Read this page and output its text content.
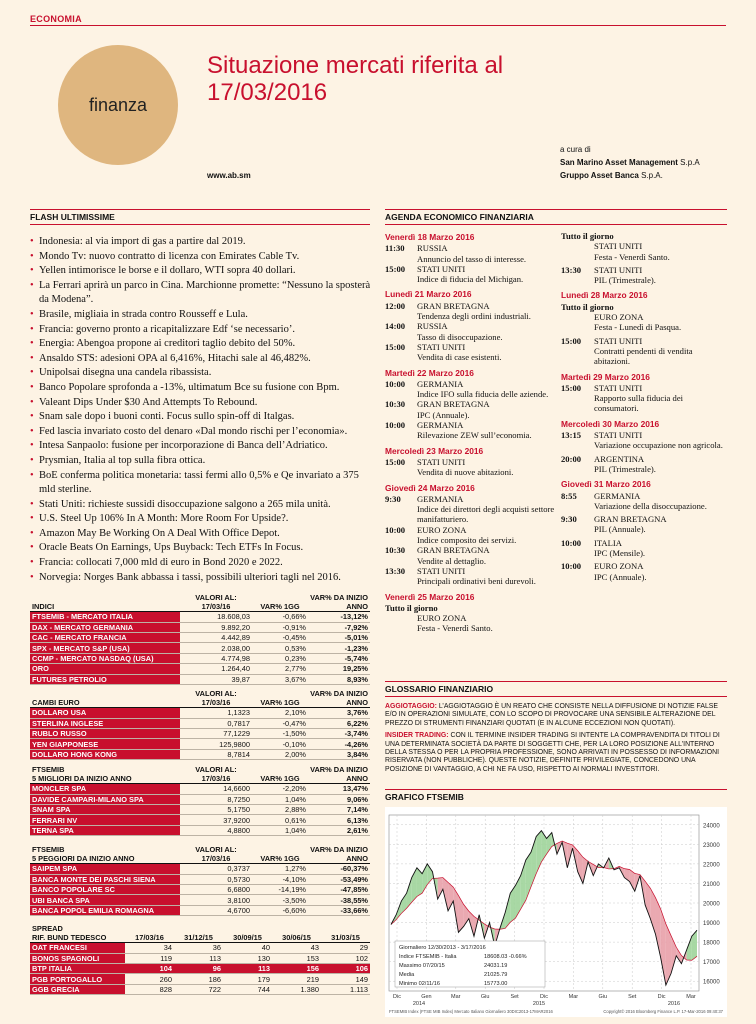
ECONOMIA
finanza
Situazione mercati riferita al 17/03/2016
www.ab.sm
a cura di
San Marino Asset Management S.p.A
Gruppo Asset Banca S.p.A.
FLASH ULTIMISSIME
• Indonesia: al via import di gas a partire dal 2019.
• Mondo Tv: nuovo contratto di licenza con Emirates Cable Tv.
• Yellen intimorisce le borse e il dollaro, WTI sopra 40 dollari.
• La Ferrari aprirà un parco in Cina. Marchionne promette: “Nessuno la sposterà da Modena”.
• Brasile, migliaia in strada contro Rousseff e Lula.
• Francia: governo pronto a ricapitalizzare Edf ‘se necessario’.
• Energia: Abengoa propone ai creditori taglio debito del 50%.
• Ansaldo STS: adesioni OPA al 6,416%, Hitachi sale al 46,482%.
• Unipolsai disegna una candela ribassista.
• Banco Popolare sprofonda a -13%, ultimatum Bce su fusione con Bpm.
• Valeant Dips Under $30 And Attempts To Rebound.
• Snam sale dopo i buoni conti. Focus sullo spin-off di Italgas.
• Fed lascia invariato costo del denaro «Dal mondo rischi per l’economia».
• Intesa Sanpaolo: fusione per incorporazione di Banca dell’Adriatico.
• Prysmian, Italia al top sulla fibra ottica.
• BoE conferma politica monetaria: tassi fermi allo 0,5% e Qe invariato a 375 mld sterline.
• Stati Uniti: richieste sussidi disoccupazione salgono a 265 mila unità.
• U.S. Steel Up 106% In A Month: More Room For Upside?.
• Amazon May Be Working On A Deal With Office Depot.
• Oracle Beats On Earnings, Ups Buyback: Tech ETFs In Focus.
• Francia: collocati 7,000 mld di euro in Bond 2020 e 2022.
• Norvegia: Norges Bank abbassa i tassi, possibili ulteriori tagli nel 2016.
INDICI	VALORI AL: 17/03/16	VAR% 1GG	VAR% DA INIZIO ANNO
FTSEMIB - MERCATO ITALIA	18.608,03	-0,66%	-13,12%
DAX - MERCATO GERMANIA	9.892,20	-0,91%	-7,92%
CAC - MERCATO FRANCIA	4.442,89	-0,45%	-5,01%
SPX - MERCATO S&P (USA)	2.038,00	0,53%	-1,23%
CCMP - MERCATO NASDAQ (USA)	4.774,98	0,23%	-5,74%
ORO	1.264,40	2,77%	19,25%
FUTURES PETROLIO	39,87	3,67%	8,93%
CAMBI EURO	VALORI AL: 17/03/16	VAR% 1GG	VAR% DA INIZIO ANNO
DOLLARO USA	1,1323	2,10%	3,76%
STERLINA INGLESE	0,7817	-0,47%	6,22%
RUBLO RUSSO	77,1229	-1,50%	-3,74%
YEN GIAPPONESE	125,9800	-0,10%	-4,26%
DOLLARO HONG KONG	8,7814	2,00%	3,84%
FTSEMIB
5 MIGLIORI DA INIZIO ANNO	VALORI AL: 17/03/16	VAR% 1GG	VAR% DA INIZIO ANNO
MONCLER SPA	14,6600	-2,20%	13,47%
DAVIDE CAMPARI-MILANO SPA	8,7250	1,04%	9,06%
SNAM SPA	5,1750	2,88%	7,14%
FERRARI NV	37,9200	0,61%	6,13%
TERNA SPA	4,8800	1,04%	2,61%
FTSEMIB
5 PEGGIORI DA INIZIO ANNO	VALORI AL: 17/03/16	VAR% 1GG	VAR% DA INIZIO ANNO
SAIPEM SPA	0,3737	1,27%	-60,37%
BANCA MONTE DEI PASCHI SIENA	0,5730	-4,10%	-53,49%
BANCO POPOLARE SC	6,6800	-14,19%	-47,85%
UBI BANCA SPA	3,8100	-3,50%	-38,55%
BANCA POPOL EMILIA ROMAGNA	4,6700	-6,60%	-33,66%
SPREAD
RIF. BUND TEDESCO	17/03/16	31/12/15	30/09/15	30/06/15	31/03/15
OAT FRANCESI	34	36	40	43	29
BONOS SPAGNOLI	119	113	130	153	102
BTP ITALIA	104	96	113	156	106
PGB PORTOGALLO	260	186	179	219	149
GGB GRECIA	828	722	744	1.380	1.113
AGENDA ECONOMICO FINANZIARIA
Venerdì 18 Marzo 2016
11:30	RUSSIA
Annuncio del tasso di interesse.
15:00	STATI UNITI
Indice di fiducia del Michigan.
Lunedì 21 Marzo 2016
12:00	GRAN BRETAGNA
Tendenza degli ordini industriali.
14:00	RUSSIA
Tasso di disoccupazione.
15:00	STATI UNITI
Vendita di case esistenti.
Martedì 22 Marzo 2016
10:00	GERMANIA
Indice IFO sulla fiducia delle aziende.
10:30	GRAN BRETAGNA
IPC (Annuale).
10:00	GERMANIA
Rilevazione ZEW sull’economia.
Mercoledì 23 Marzo 2016
15:00	STATI UNITI
Vendita di nuove abitazioni.
Giovedì 24 Marzo 2016
9:30	GERMANIA
Indice dei direttori degli acquisti settore manifatturiero.
10:00	EURO ZONA
Indice composito dei servizi.
10:30	GRAN BRETAGNA
Vendite al dettaglio.
13:30	STATI UNITI
Principali ordinativi beni durevoli.
Venerdì 25 Marzo 2016
Tutto il giorno
EURO ZONA
Festa - Venerdì Santo.
Tutto il giorno
STATI UNITI
Festa - Venerdì Santo.
13:30	STATI UNITI
PIL (Trimestrale).
Lunedì 28 Marzo 2016
Tutto il giorno
EURO ZONA
Festa - Lunedì di Pasqua.
15:00	STATI UNITI
Contratti pendenti di vendita abitazioni.
Martedì 29 Marzo 2016
15:00	STATI UNITI
Rapporto sulla fiducia dei consumatori.
Mercoledì 30 Marzo 2016
13:15	STATI UNITI
Variazione occupazione non agricola.
20:00	ARGENTINA
PIL (Trimestrale).
Giovedì 31 Marzo 2016
8:55	GERMANIA
Variazione della disoccupazione.
9:30	GRAN BRETAGNA
PIL (Annuale).
10:00	ITALIA
IPC (Mensile).
10:00	EURO ZONA
IPC (Annuale).
GLOSSARIO FINANZIARIO

AGGIOTAGGIO: L’AGGIOTAGGIO È UN REATO CHE CONSISTE NELLA DIFFUSIONE DI NOTIZIE FALSE E/O IN OPERAZIONI SIMULATE, CON LO SCOPO DI PROVOCARE UNA SENSIBILE ALTERAZIONE DEL PREZZO DI STRUMENTI FINANZIARI QUOTATI (E IN ALCUNE ECCEZIONI NON QUOTATI).

INSIDER TRADING: CON IL TERMINE INSIDER TRADING SI INTENTE LA COMPRAVENDITA DI TITOLI DI UNA DETERMINATA SOCIETÀ DA PARTE DI SOGGETTI CHE, PER LA LORO POSIZIONE ALL’INTERNO DELLA STESSA O PER LA PROPRIA PROFESSIONE, SONO ARRIVATI IN POSSESSO DI INFORMAZIONI RISERVATA (NON PUBBLICHE). QUESTE NOTIZIE, DEFINITE PRIVILEGIATE, CONCEDONO UNA POSIZIONE DI VANTAGGIO, A CHI NE FA USO, RISPETTO AI NORMALI INVESTITORI.

GRAFICO FTSEMIB
16000
17000
18000
19000
20000
21000
22000
23000
24000
Dic	Gen	Mar	Giu	Set	Dic	Mar	Giu	Set	Dic	Mar
2014	2015	2016
Giornaliero 12/30/2013 - 3/17/2016
Indice FTSEMIB - Italia	18608.03 -0.66%
Massimo 07/20/15	24031.19
Media	21025.79
Minimo 02/11/16	15773.00
FTSEMIB Index (FTSE MIB Index) Mercato Italiano Giornaliero 30DIC2013-17MAR2016	Copyright© 2016 Bloomberg Finance L.P. 17-Mar-2016 09:40:37
